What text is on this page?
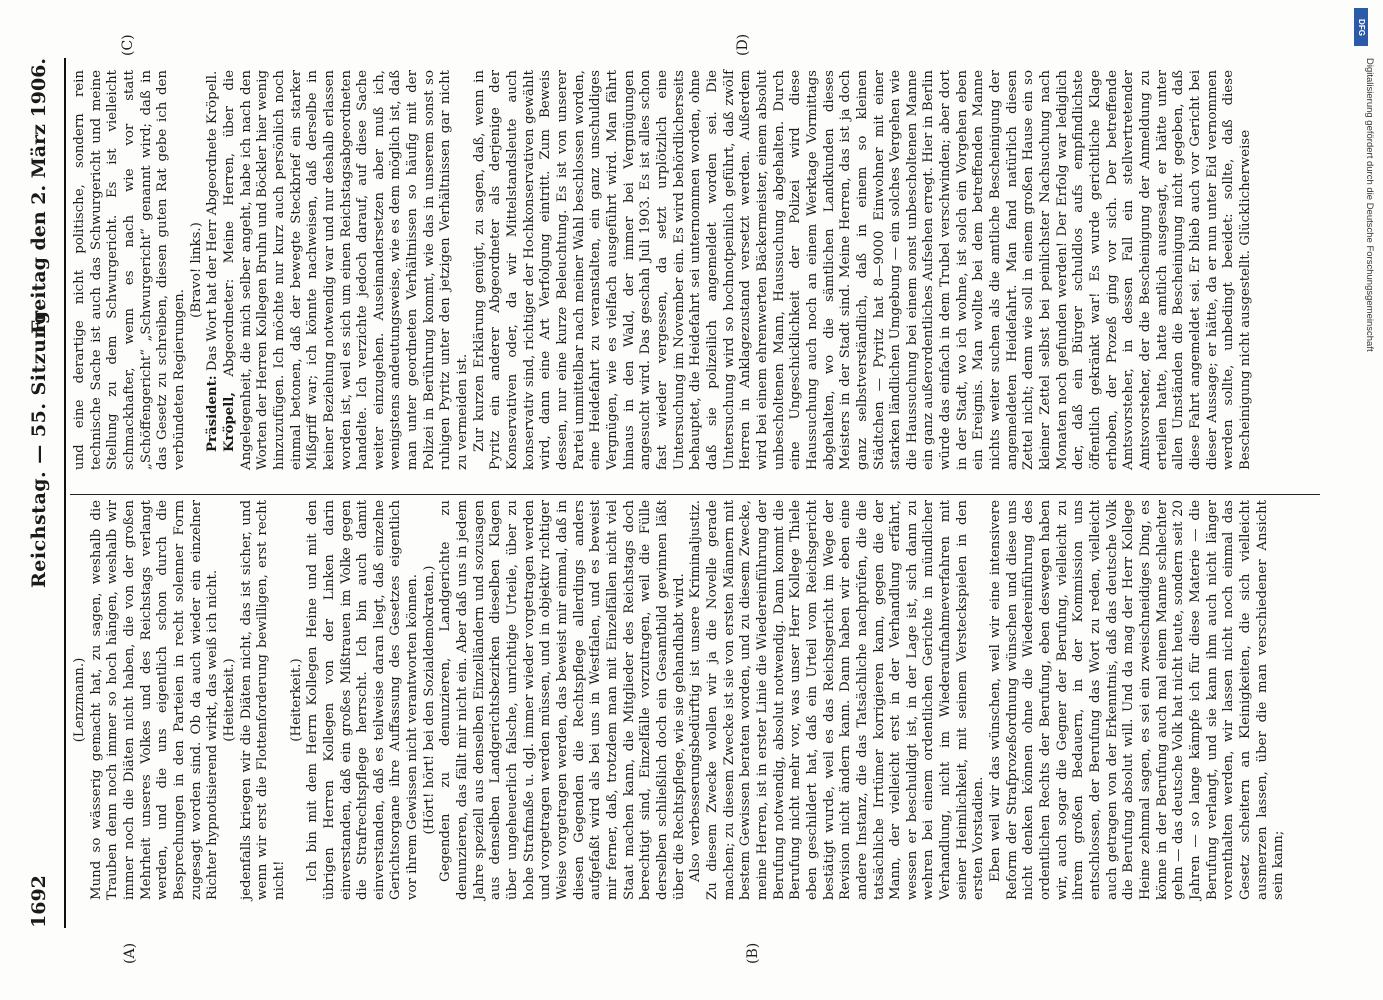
1692
Reichstag. — 55. Sitzung.
Freitag den 2. März 1906.
(A)	(B)
(C)	(D)

(Lenzmann.) Mund so wässerig gemacht hat, zu sagen, weshalb die Trauben denn noch immer so hoch hängen, weshalb wir immer noch die Diäten nicht haben, die von der großen Mehrheit unseres Volkes und des Reichstags verlangt werden, und die uns eigentlich schon durch die Besprechungen in den Parteien in recht solenner Form zugesagt worden sind. Ob da auch wieder ein einzelner Richter hypnotisierend wirkt, das weiß ich nicht. (Heiterkeit.) jedenfalls kriegen wir die Diäten nicht, das ist sicher, und wenn wir erst die Flottenforderung bewilligen, erst recht nicht!

(Heiterkeit.) Ich bin mit dem Herrn Kollegen Heine und mit den übrigen Herren Kollegen von der Linken darin einverstanden, daß ein großes Mißtrauen im Volke gegen die Strafrechtspflege herrscht. Ich bin auch damit einverstanden, daß es teilweise daran liegt, daß einzelne Gerichtsorgane ihre Auffassung des Gesetzes eigentlich vor ihrem Gewissen nicht verantworten können. (Hört! hört! bei den Sozialdemokraten.) Gegenden zu denunzieren, Landgerichte zu denunzieren, das fällt mir nicht ein. Aber daß uns in jedem Jahre speziell aus denselben Einzelländern und sozusagen aus denselben Landgerichtsbezirken dieselben Klagen über ungeheuerlich falsche, unrichtige Urteile, über zu hohe Strafmaße u. dgl. immer wieder vorgetragen werden und vorgetragen werden müssen, und in objektiv richtiger Weise vorgetragen werden, das beweist mir einmal, daß in diesen Gegenden die Rechtspflege allerdings anders aufgefaßt wird als bei uns in Westfalen, und es beweist mir ferner, daß, trotzdem man mit Einzelfällen nicht viel Staat machen kann, die Mitglieder des Reichstags doch berechtigt sind, Einzelfälle vorzutragen, weil die Fülle derselben schließlich doch ein Gesamtbild gewinnen läßt über die Rechtspflege, wie sie gehandhabt wird. Also verbesserungsbedürftig ist unsere Kriminaljustiz. Zu diesem Zwecke wollen wir ja die Novelle gerade machen; zu diesem Zwecke ist sie von ersten Männern mit bestem Gewissen beraten worden, und zu diesem Zwecke, meine Herren, ist in erster Linie die Wiedereinführung der Berufung notwendig, absolut notwendig. Dann kommt die Berufung nicht mehr vor, was unser Herr Kollege Thiele eben geschildert hat, daß ein Urteil vom Reichsgericht bestätigt wurde, weil es das Reichsgericht im Wege der Revision nicht ändern kann. Dann haben wir eben eine andere Instanz, die das Tatsächliche nachprüfen, die die tatsächliche Irrtümer korrigieren kann, gegen die der Mann, der vielleicht erst in der Verhandlung erfährt, wessen er beschuldigt ist, in der Lage ist, sich dann zu wehren bei einem ordentlichen Gerichte in mündlicher Verhandlung, nicht im Wiederaufnahmeverfahren mit seiner Heimlichkeit, mit seinem Versteckspielen in den ersten Vorstadien. Eben weil wir das wünschen, weil wir eine intensivere Reform der Strafprozeßordnung wünschen und diese uns nicht denken können ohne die Wiedereinführung des ordentlichen Rechts der Berufung, eben deswegen haben wir, auch sogar die Gegner der Berufung, vielleicht zu ihrem großen Bedauern, in der Kommission uns entschlossen, der Berufung das Wort zu reden, vielleicht auch getragen von der Erkenntnis, daß das deutsche Volk die Berufung absolut will. Und da mag der Herr Kollege Heine zehnmal sagen, es sei ein zweischneidiges Ding, es könne in der Berufung auch mal einem Manne schlechter gehn — das deutsche Volk hat nicht heute, sondern seit 20 Jahren — so lange kämpfe ich für diese Materie — die Berufung verlangt, und sie kann ihm auch nicht länger vorenthalten werden, wir lassen nicht noch einmal das Gesetz scheitern an Kleinigkeiten, die sich vielleicht ausmerzen lassen, über die man verschiedener Ansicht sein kann;

und eine derartige nicht politische, sondern rein technische Sache ist auch das Schwurgericht und meine Stellung zu dem Schwurgericht. Es ist vielleicht schmackhafter, wenn es nach wie vor statt „Schöffengericht“ „Schwurgericht“ genannt wird; daß in das Gesetz zu schreiben, diesen guten Rat gebe ich den verbündeten Regierungen.

(Bravo! links.)

Präsident: Das Wort hat der Herr Abgeordnete Kröpell.

Kröpell, Abgeordneter: Meine Herren, über die Angelegenheit, die mich selber angeht, habe ich nach den Worten der Herren Kollegen Bruhn und Böckler hier wenig hinzuzufügen. Ich möchte nur kurz auch persönlich noch einmal betonen, daß der bewegte Steckbrief ein starker Mißgriff war; ich könnte nachweisen, daß derselbe in keiner Beziehung notwendig war und nur deshalb erlassen worden ist, weil es sich um einen Reichstagsabgeordneten handelte. Ich verzichte jedoch darauf, auf diese Sache weiter einzugehen. Auseinandersetzen aber muß ich, wenigstens andeutungsweise, wie es dem möglich ist, daß man unter geordneten Verhältnissen so häufig mit der Polizei in Berührung kommt, wie das in unserem sonst so ruhigen Pyritz unter den jetzigen Verhältnissen gar nicht zu vermeiden ist. Zur kurzen Erklärung genügt, zu sagen, daß, wenn in Pyritz ein anderer Abgeordneter als derjenige der Konservativen oder, da wir Mittelstandsleute auch konservativ sind, richtiger der Hochkonservativen gewählt wird, dann eine Art Verfolgung eintritt. Zum Beweis dessen, nur eine kurze Beleuchtung. Es ist von unserer Partei unmittelbar nach meiner Wahl beschlossen worden, eine Heidefahrt zu veranstalten, ein ganz unschuldiges Vergnügen, wie es vielfach ausgeführt wird. Man fährt hinaus in den Wald, der immer bei Vergnügungen angesucht wird. Das geschah Juli 1903. Es ist alles schon fast wieder vergessen, da setzt urplötzlich eine Untersuchung im November ein. Es wird behördlicherseits behauptet, die Heidefahrt sei unternommen worden, ohne daß sie polizeilich angemeldet worden sei. Die Untersuchung wird so hochnotpeinlich geführt, daß zwölf Herren in Anklagezustand versetzt werden. Außerdem wird bei einem ehrenwerten Bäckermeister, einem absolut unbescholtenen Mann, Haussuchung abgehalten. Durch eine Ungeschicklichkeit der Polizei wird diese Haussuchung auch noch an einem Werktage Vormittags abgehalten, wo die sämtlichen Landkunden dieses Meisters in der Stadt sind. Meine Herren, das ist ja doch ganz selbstverständlich, daß in einem so kleinen Städtchen — Pyritz hat 8—9000 Einwohner mit einer starken ländlichen Umgebung — ein solches Vergehen wie die Haussuchung bei einem sonst unbescholtenen Manne ein ganz außerordentliches Aufsehen erregt. Hier in Berlin würde das einfach in dem Trubel verschwinden; aber dort in der Stadt, wo ich wohne, ist solch ein Vorgehen eben ein Ereignis. Man wollte bei dem betreffenden Manne nichts weiter suchen als die amtliche Bescheinigung der angemeldeten Heidefahrt. Man fand natürlich diesen Zettel nicht; denn wie soll in einem großen Hause ein so kleiner Zettel selbst bei peinlichster Nachsuchung nach Monaten noch gefunden werden! Der Erfolg war lediglich der, daß ein Bürger schuldlos aufs empfindlichste öffentlich gekränkt war! Es wurde gerichtliche Klage erhoben, der Prozeß ging vor sich. Der betreffende Amtsvorsteher, in dessen Fall ein stellvertretender Amtsvorsteher, der die Bescheinigung der Anmeldung zu erteilen hatte, hatte amtlich ausgesagt, er hätte unter allen Umständen die Bescheinigung nicht gegeben, daß diese Fahrt angemeldet sei. Er blieb auch vor Gericht bei dieser Aussage; er hätte, da er nun unter Eid vernommen werden sollte, unbedingt beeidet: sollte, daß diese Bescheinigung nicht ausgestellt. Glücklicherweise

DFG
Digitalisierung gefördert durch die Deutsche Forschungsgemeinschaft
